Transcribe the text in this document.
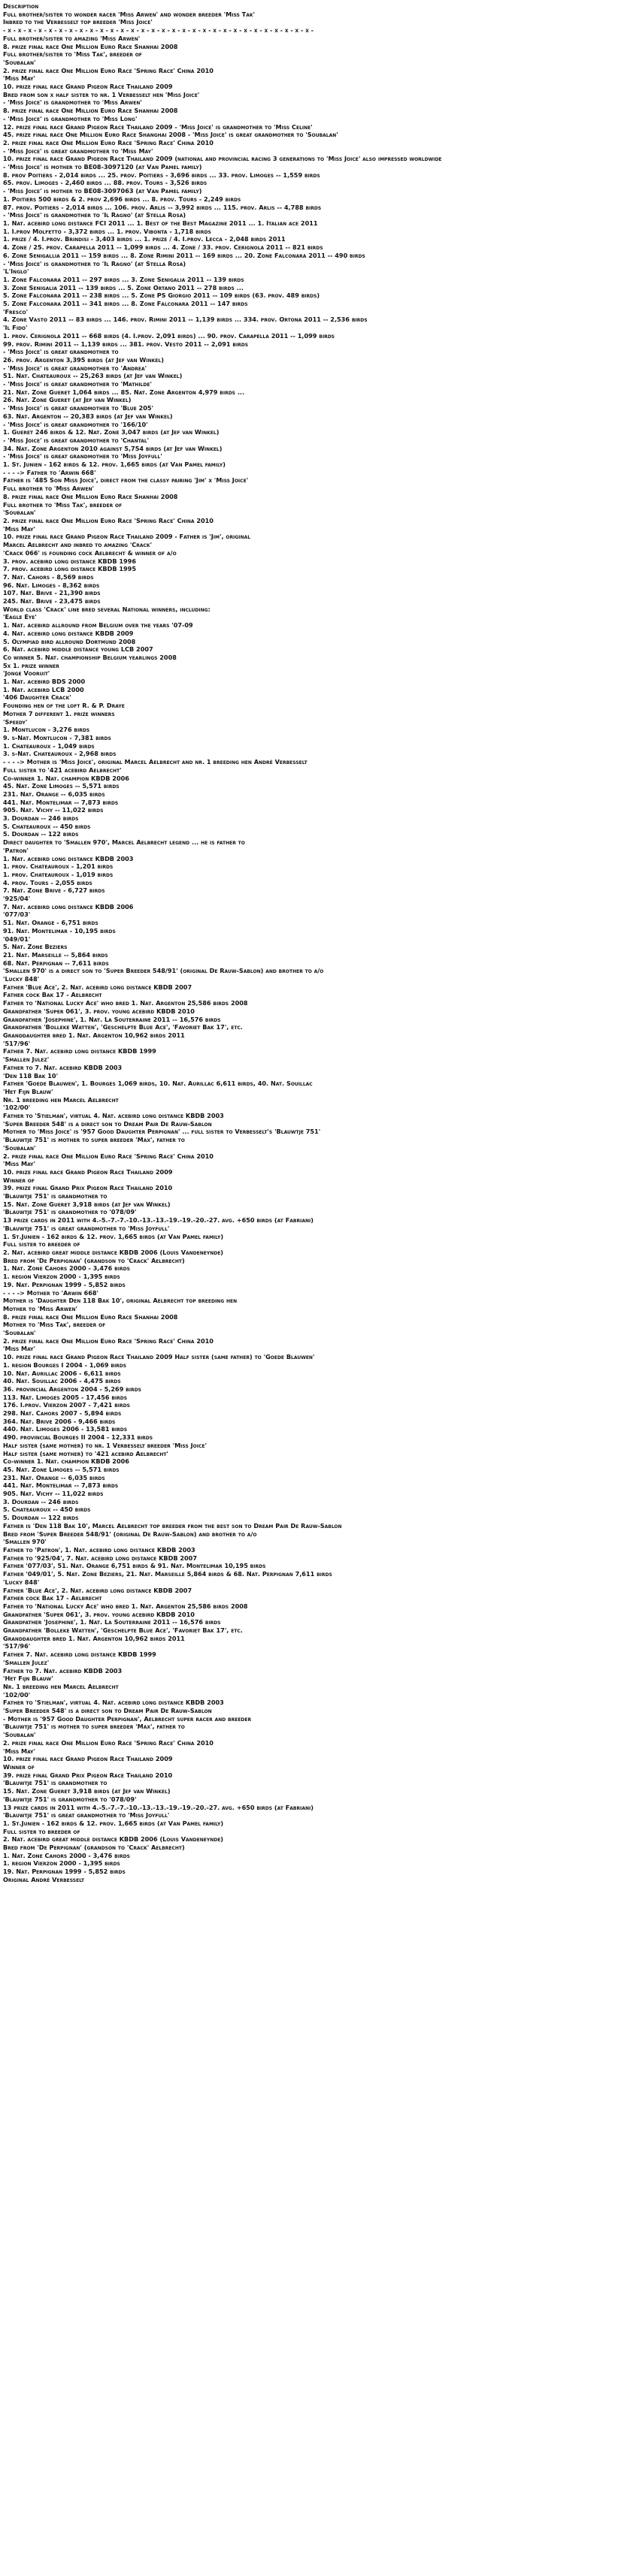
Description
Full brother/sister to wonder racer 'Miss Arwen' and wonder breeder 'Miss Tak'
Inbred to the Verbesselt top breeder 'Miss Joice'
- x - x - x - x - x - x - x - x - x - x - x - x - x - x - x - x - x - x - x - x - x - x - x - x - x - x - x - x - x - x -
Full brother/sister to amazing 'Miss Arwen'
8. prize final race One Million Euro Race Shanhai 2008
Full brother/sister to 'Miss Tak', breeder of
'Soubalan'
2. prize final race One Million Euro Race 'Spring Race' China 2010
'Miss May'
10. prize final race Grand Pigeon Race Thailand 2009
Bred from son x half sister to nr. 1 Verbesselt hen 'Miss Joice'
- 'Miss Joice' is grandmother to 'Miss Arwen'
8. prize final race One Million Euro Race Shanhai 2008
- 'Miss Joice' is grandmother to 'Miss Long'
12. prize final race Grand Pigeon Race Thailand 2009 - 'Miss Joice' is grandmother to 'Miss Celine'
45. prize final race One Million Euro Race Shanghai 2008 - 'Miss Joice' is great grandmother to 'Soubalan'
2. prize final race One Million Euro Race 'Spring Race' China 2010
- 'Miss Joice' is great grandmother to 'Miss May'
10. prize final race Grand Pigeon Race Thailand 2009 (national and provincial racing 3 generations to 'Miss Joice' also impressed worldwide
- 'Miss Joice' is mother to BE08-3097120 (at Van Pamel family)
8. prov Poitiers - 2,014 birds ... 25. prov. Poitiers - 3,696 birds ... 33. prov. Limoges -- 1,559 birds
65. prov. Limoges - 2,460 birds ... 88. prov. Tours - 3,526 birds
- 'Miss Joice' is mother to BE08-3097063 (at Van Pamel family)
1. Poitiers 500 birds & 2. prov 2,696 birds ... 8. prov. Tours - 2,249 birds
87. prov. Poitiers - 2,014 birds ... 106. prov. Arlis -- 3,992 birds ... 115. prov. Arlis -- 4,788 birds
- 'Miss Joice' is grandmother to 'Il Ragno' (at Stella Rosa)
1. Nat. acebird long distance FCI 2011 ... 1. Best of the Best Magazine 2011 ... 1. Italian ace 2011
1. I.prov Molfetto - 3,372 birds ... 1. prov. Vibonta - 1,718 birds
1. prize / 4. I.prov. Brindisi - 3,403 birds ... 1. prize / 4. I.prov. Lecca - 2,048 birds 2011
4. Zone / 25. prov. Carapella 2011 -- 1,099 birds ... 4. Zone / 33. prov. Cerignola 2011 -- 821 birds
6. Zone Senigallia 2011 -- 159 birds ... 8. Zone Rimini 2011 -- 169 birds ... 20. Zone Falconara 2011 -- 490 birds
- 'Miss Joice' is grandmother to 'Il Ragno' (at Stella Rosa)
'L'Inglo'
1. Zone Falconara 2011 -- 297 birds ... 3. Zone Senigalia 2011 -- 139 birds
3. Zone Senigalia 2011 -- 139 birds ... 5. Zone Ortano 2011 -- 278 birds ...
5. Zone Falconara 2011 -- 238 birds ... 5. Zone PS Giorgio 2011 -- 109 birds (63. prov. 489 birds)
5. Zone Falconara 2011 -- 341 birds ... 8. Zone Falconara 2011 -- 147 birds
'Fresco'
4. Zone Vasto 2011 -- 83 birds ... 146. prov. Rimini 2011 -- 1,139 birds ... 334. prov. Ortona 2011 -- 2,536 birds
'Il Fido'
1. prov. Cerignola 2011 -- 668 birds (4. I.prov. 2,091 birds) ... 90. prov. Carapella 2011 -- 1,099 birds
99. prov. Rimini 2011 -- 1,139 birds ... 381. prov. Vesto 2011 -- 2,091 birds
- 'Miss Joice' is great grandmother to
26. prov. Argenton 3,395 birds (at Jef van Winkel)
- 'Miss Joice' is great grandmother to 'Andrea'
51. Nat. Chateauroux -- 25,263 birds (at Jef van Winkel)
- 'Miss Joice' is great grandmother to 'Mathilde'
21. Nat. Zone Gueret 1,064 birds ... 85. Nat. Zone Argenton 4,979 birds ...
26. Nat. Zone Gueret (at Jef van Winkel)
- 'Miss Joice' is great grandmother to 'Blue 205'
63. Nat. Argenton -- 20,383 birds (at Jef van Winkel)
- 'Miss Joice' is great grandmother to '166/10'
1. Gueret 246 birds & 12. Nat. Zone 3,047 birds (at Jef van Winkel)
- 'Miss Joice' is great grandmother to 'Chantal'
34. Nat. Zone Argenton 2010 against 5,754 birds (at Jef van Winkel)
- 'Miss Joice' is great grandmother to 'Miss Joyfull'
1. St. Junien - 162 birds & 12. prov. 1,665 birds (at Van Pamel family)
- - - -> Father to 'Arwin 668'
Father is '485 Son Miss Joice', direct from the classy pairing 'Jim' x 'Miss Joice'
Full brother to 'Miss Arwen'
8. prize final race One Million Euro Race Shanhai 2008
Full brother to 'Miss Tak', breeder of
'Soubalan'
2. prize final race One Million Euro Race 'Spring Race' China 2010
'Miss May'
10. prize final race Grand Pigeon Race Thailand 2009 - Father is 'Jim', original
Marcel Aelbrecht and inbred to amazing 'Crack'
'Crack 066' is founding cock Aelbrecht & winner of a/o
3. prov. acebird long distance KBDB 1996
7. prov. acebird long distance KBDB 1995
7. Nat. Cahors - 8,569 birds
96. Nat. Limoges - 8,362 birds
107. Nat. Brive - 21,390 birds
245. Nat. Brive - 23,475 birds
World class 'Crack' line bred several National winners, including:
'Eagle Eye'
1. Nat. acebird allround from Belgium over the years '07-09
4. Nat. acebird long distance KBDB 2009
5. Olympiad bird allround Dortmund 2008
6. Nat. acebird middle distance young LCB 2007
Co winner 5. Nat. championship Belgium yearlings 2008
5x 1. prize winner
'Jonge Vooruit'
1. Nat. acebird BDS 2000
1. Nat. acebird LCB 2000
'406 Daughter Crack'
Founding hen of the loft R. & P. Draye
Mother 7 different 1. prize winners
'Speedy'
1. Montlucon - 3,276 birds
9. s-Nat. Montlucon - 7,381 birds
1. Chateauroux - 1,049 birds
3. s-Nat. Chateauroux - 2,968 birds
- - - -> Mother is 'Miss Joice', original Marcel Aelbrecht and nr. 1 breeding hen André Verbesselt
Full sister to '421 acebird Aelbrecht'
Co-winner 1. Nat. champion KBDB 2006
45. Nat. Zone Limoges -- 5,571 birds
231. Nat. Orange -- 6,035 birds
441. Nat. Montelimar -- 7,873 birds
905. Nat. Vichy -- 11,022 birds
3. Dourdan -- 246 birds
5. Chateauroux -- 450 birds
5. Dourdan -- 122 birds
Direct daughter to 'Smallen 970', Marcel Aelbrecht legend ... he is father to
'Patron'
1. Nat. acebird long distance KBDB 2003
1. prov. Chateauroux - 1,201 birds
1. prov. Chateauroux - 1,019 birds
4. prov. Tours - 2,055 birds
7. Nat. Zone Brive - 6,727 birds
'925/04'
7. Nat. acebird long distance KBDB 2006
'077/03'
51. Nat. Orange - 6,751 birds
91. Nat. Montelimar - 10,195 birds
'049/01'
5. Nat. Zone Beziers
21. Nat. Marseille -- 5,864 birds
68. Nat. Perpignan -- 7,611 birds
'Smallen 970' is a direct son to 'Super Breeder 548/91' (original De Rauw-Sablon) and brother to a/o
'Lucky 848'
Father 'Blue Ace', 2. Nat. acebird long distance KBDB 2007
Father cock Bak 17 - Aelbrecht
Father to 'National Lucky Ace' who bred 1. Nat. Argenton 25,586 birds 2008
Grandfather 'Super 061', 3. prov. young acebird KBDB 2010
Grandfather 'Josephine', 1. Nat. La Souterraine 2011 -- 16,576 birds
Grandfather 'Bolleke Watten', 'Geschelpte Blue Ace', 'Favoriet Bak 17', etc.
Granddaughter bred 1. Nat. Argenton 10,962 birds 2011
'517/96'
Father 7. Nat. acebird long distance KBDB 1999
'Smallen Julez'
Father to 7. Nat. acebird KBDB 2003
'Den 118 Bak 10'
Father 'Goede Blauwen', 1. Bourges 1,069 birds, 10. Nat. Aurillac 6,611 birds, 40. Nat. Souillac
'Het Fijn Blauw'
Nr. 1 breeding hen Marcel Aelbrecht
'102/00'
Father to 'Stielman', virtual 4. Nat. acebird long distance KBDB 2003
'Super Breeder 548' is a direct son to Dream Pair De Rauw-Sablon
Mother to 'Miss Joice' is '957 Good Daughter Perpignan' ... full sister to Verbesselt's 'Blauwtje 751'
'Blauwtje 751' is mother to super breeder 'Max', father to
'Soubalan'
2. prize final race One Million Euro Race 'Spring Race' China 2010
'Miss May'
10. prize final race Grand Pigeon Race Thailand 2009
Winner of
39. prize final Grand Prix Pigeon Race Thailand 2010
'Blauwtje 751' is grandmother to
15. Nat. Zone Gueret 3,918 birds (at Jef van Winkel)
'Blauwtje 751' is grandmother to '078/09'
13 prize cards in 2011 with 4.-5.-7.-7.-10.-13.-13.-19.-19.-20.-27. avg. +650 birds (at Fabriani)
'Blauwtje 751' is great grandmother to 'Miss Joyfull'
1. St.Junien - 162 birds & 12. prov. 1,665 birds (at Van Pamel family)
Full sister to breeder of
2. Nat. acebird great middle distance KBDB 2006 (Louis Vandeneynde)
Bred from 'De Perpignan' (grandson to 'Crack' Aelbrecht)
1. Nat. Zone Cahors 2000 - 3,476 birds
1. region Vierzon 2000 - 1,395 birds
19. Nat. Perpignan 1999 - 5,852 birds
- - - -> Mother to 'Arwin 668'
Mother is 'Daughter Den 118 Bak 10', original Aelbrecht top breeding hen
Mother to 'Miss Arwen'
8. prize final race One Million Euro Race Shanhai 2008
Mother to 'Miss Tak', breeder of
'Soubalan'
2. prize final race One Million Euro Race 'Spring Race' China 2010
'Miss May'
10. prize final race Grand Pigeon Race Thailand 2009 Half sister (same father) to 'Goede Blauwen'
1. region Bourges I 2004 - 1,069 birds
10. Nat. Aurillac 2006 - 6,611 birds
40. Nat. Souillac 2006 - 4,475 birds
36. provincial Argenton 2004 - 5,269 birds
113. Nat. Limoges 2005 - 17,456 birds
176. I.prov. Vierzon 2007 - 7,421 birds
298. Nat. Cahors 2007 - 5,894 birds
364. Nat. Brive 2006 - 9,466 birds
440. Nat. Limoges 2006 - 13,581 birds
490. provincial Bourges II 2004 - 12,331 birds
Half sister (same mother) to nr. 1 Verbesselt breeder 'Miss Joice'
Half sister (same mother) to '421 acebird Aelbrecht'
Co-winner 1. Nat. champion KBDB 2006
45. Nat. Zone Limoges -- 5,571 birds
231. Nat. Orange -- 6,035 birds
441. Nat. Montelimar -- 7,873 birds
905. Nat. Vichy -- 11,022 birds
3. Dourdan -- 246 birds
5. Chateauroux -- 450 birds
5. Dourdan -- 122 birds
Father is 'Den 118 Bak 10', Marcel Aelbrecht top breeder from the best son to Dream Pair De Rauw-Sablon
Bred from 'Super Breeder 548/91' (original De Rauw-Sablon) and brother to a/o
'Smallen 970'
Father to 'Patron', 1. Nat. acebird long distance KBDB 2003
Father to '925/04', 7. Nat. acebird long distance KBDB 2007
Father '077/03', 51. Nat. Orange 6,751 birds & 91. Nat. Montelimar 10,195 birds
Father '049/01', 5. Nat. Zone Beziers, 21. Nat. Marseille 5,864 birds & 68. Nat. Perpignan 7,611 birds
'Lucky 848'
Father 'Blue Ace', 2. Nat. acebird long distance KBDB 2007
Father cock Bak 17 - Aelbrecht
Father to 'National Lucky Ace' who bred 1. Nat. Argenton 25,586 birds 2008
Grandfather 'Super 061', 3. prov. young acebird KBDB 2010
Grandfather 'Josephine', 1. Nat. La Souterraine 2011 -- 16,576 birds
Grandfather 'Bolleke Watten', 'Geschelpte Blue Ace', 'Favoriet Bak 17', etc.
Granddaughter bred 1. Nat. Argenton 10,962 birds 2011
'517/96'
Father 7. Nat. acebird long distance KBDB 1999
'Smallen Julez'
Father to 7. Nat. acebird KBDB 2003
'Het Fijn Blauw'
Nr. 1 breeding hen Marcel Aelbrecht
'102/00'
Father to 'Stielman', virtual 4. Nat. acebird long distance KBDB 2003
'Super Breeder 548' is a direct son to Dream Pair De Rauw-Sablon
- Mother is '957 Good Daughter Perpignan', Aelbrecht super racer and breeder
'Blauwtje 751' is mother to super breeder 'Max', father to
'Soubalan'
2. prize final race One Million Euro Race 'Spring Race' China 2010
'Miss May'
10. prize final race Grand Pigeon Race Thailand 2009
Winner of
39. prize final Grand Prix Pigeon Race Thailand 2010
'Blauwtje 751' is grandmother to
15. Nat. Zone Gueret 3,918 birds (at Jef van Winkel)
'Blauwtje 751' is grandmother to '078/09'
13 prize cards in 2011 with 4.-5.-7.-7.-10.-13.-13.-19.-19.-20.-27. avg. +650 birds (at Fabriani)
'Blauwtje 751' is great grandmother to 'Miss Joyfull'
1. St.Junien - 162 birds & 12. prov. 1,665 birds (at Van Pamel family)
Full sister to breeder of
2. Nat. acebird great middle distance KBDB 2006 (Louis Vandeneynde)
Bred from 'De Perpignan' (grandson to 'Crack' Aelbrecht)
1. Nat. Zone Cahors 2000 - 3,476 birds
1. region Vierzon 2000 - 1,395 birds
19. Nat. Perpignan 1999 - 5,852 birds
Original André Verbesselt
